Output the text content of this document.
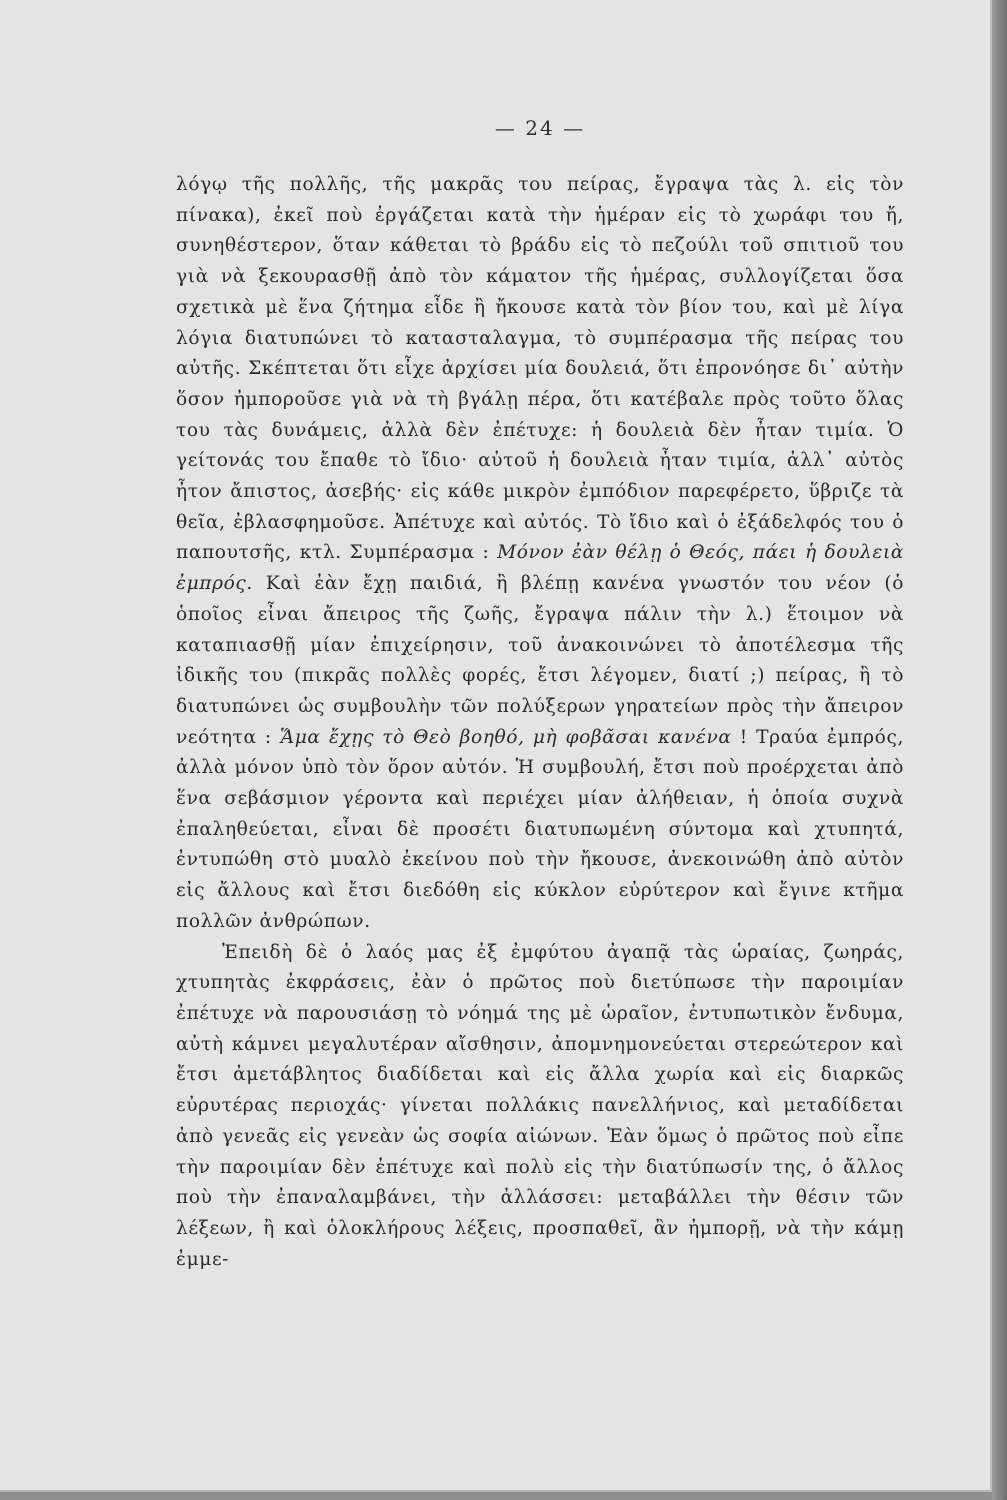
— 24 —

λόγῳ τῆς πολλῆς, τῆς μακρᾶς του πείρας, ἔγραψα τὰς λ. εἰς τὸν πίνακα), ἐκεῖ ποὺ ἐργάζεται κατὰ τὴν ἡμέραν εἰς τὸ χωράφι του ἤ, συνηθέστερον, ὅταν κάθεται τὸ βράδυ εἰς τὸ πεζούλι τοῦ σπιτιοῦ του γιὰ νὰ ξεκουρασθῇ ἀπὸ τὸν κάματον τῆς ἡμέρας, συλλογίζεται ὅσα σχετικὰ μὲ ἕνα ζήτημα εἶδε ἢ ἤκουσε κατὰ τὸν βίον του, καὶ μὲ λίγα λόγια διατυπώνει τὸ κατασταλαγμα, τὸ συμπέρασμα τῆς πείρας του αὐτῆς. Σκέπτεται ὅτι εἶχε ἀρχίσει μία δουλειά, ὅτι ἐπρονόησε δι᾽ αὐτὴν ὅσον ἠμποροῦσε γιὰ νὰ τὴ βγάλῃ πέρα, ὅτι κατέβαλε πρὸς τοῦτο ὅλας του τὰς δυνάμεις, ἀλλὰ δὲν ἐπέτυχε: ἡ δουλειὰ δὲν ἦταν τιμία. Ὁ γείτονάς του ἔπαθε τὸ ἴδιο· αὐτοῦ ἡ δουλειὰ ἦταν τιμία, ἀλλ᾽ αὐτὸς ἦτον ἄπιστος, ἀσεβής· εἰς κάθε μικρὸν ἐμπόδιον παρεφέρετο, ὕβριζε τὰ θεῖα, ἐβλασφημοῦσε. Ἀπέτυχε καὶ αὐτός. Τὸ ἴδιο καὶ ὁ ἐξάδελφός του ὁ παπουτσῆς, κτλ. Συμπέρασμα : Μόνον ἐὰν θέλῃ ὁ Θεός, πάει ἡ δουλειὰ ἐμπρός. Καὶ ἐὰν ἔχῃ παιδιά, ἢ βλέπῃ κανένα γνωστόν του νέον (ὁ ὁποῖος εἶναι ἄπειρος τῆς ζωῆς, ἔγραψα πάλιν τὴν λ.) ἕτοιμον νὰ καταπιασθῇ μίαν ἐπιχείρησιν, τοῦ ἀνακοινώνει τὸ ἀποτέλεσμα τῆς ἰδικῆς του (πικρᾶς πολλὲς φορές, ἔτσι λέγομεν, διατί ;) πείρας, ἢ τὸ διατυπώνει ὡς συμβουλὴν τῶν πολύξερων γηρατείων πρὸς τὴν ἄπειρον νεότητα : Ἅμα ἔχῃς τὸ Θεὸ βοηθό, μὴ φοβᾶσαι κανένα ! Τραύα ἐμπρός, ἀλλὰ μόνον ὑπὸ τὸν ὅρον αὐτόν. Ἡ συμβουλή, ἔτσι ποὺ προέρχεται ἀπὸ ἕνα σεβάσμιον γέροντα καὶ περιέχει μίαν ἀλήθειαν, ἡ ὁποία συχνὰ ἐπαληθεύεται, εἶναι δὲ προσέτι διατυπωμένη σύντομα καὶ χτυπητά, ἐντυπώθη στὸ μυαλὸ ἐκείνου ποὺ τὴν ἤκουσε, ἀνεκοινώθη ἀπὸ αὐτὸν εἰς ἄλλους καὶ ἔτσι διεδόθη εἰς κύκλον εὐρύτερον καὶ ἔγινε κτῆμα πολλῶν ἀνθρώπων.

Ἐπειδὴ δὲ ὁ λαός μας ἐξ ἐμφύτου ἀγαπᾷ τὰς ὡραίας, ζωηράς, χτυπητὰς ἐκφράσεις, ἐὰν ὁ πρῶτος ποὺ διετύπωσε τὴν παροιμίαν ἐπέτυχε νὰ παρουσιάσῃ τὸ νόημά της μὲ ὡραῖον, ἐντυπωτικὸν ἔνδυμα, αὐτὴ κάμνει μεγαλυτέραν αἴσθησιν, ἀπομνημονεύεται στερεώτερον καὶ ἔτσι ἀμετάβλητος διαδίδεται καὶ εἰς ἄλλα χωρία καὶ εἰς διαρκῶς εὐρυτέρας περιοχάς· γίνεται πολλάκις πανελλήνιος, καὶ μεταδίδεται ἀπὸ γενεᾶς εἰς γενεὰν ὡς σοφία αἰώνων. Ἐὰν ὅμως ὁ πρῶτος ποὺ εἶπε τὴν παροιμίαν δὲν ἐπέτυχε καὶ πολὺ εἰς τὴν διατύπωσίν της, ὁ ἄλλος ποὺ τὴν ἐπαναλαμβάνει, τὴν ἀλλάσσει: μεταβάλλει τὴν θέσιν τῶν λέξεων, ἢ καὶ ὁλοκλήρους λέξεις, προσπαθεῖ, ἂν ἠμπορῇ, νὰ τὴν κάμῃ ἐμμε-
